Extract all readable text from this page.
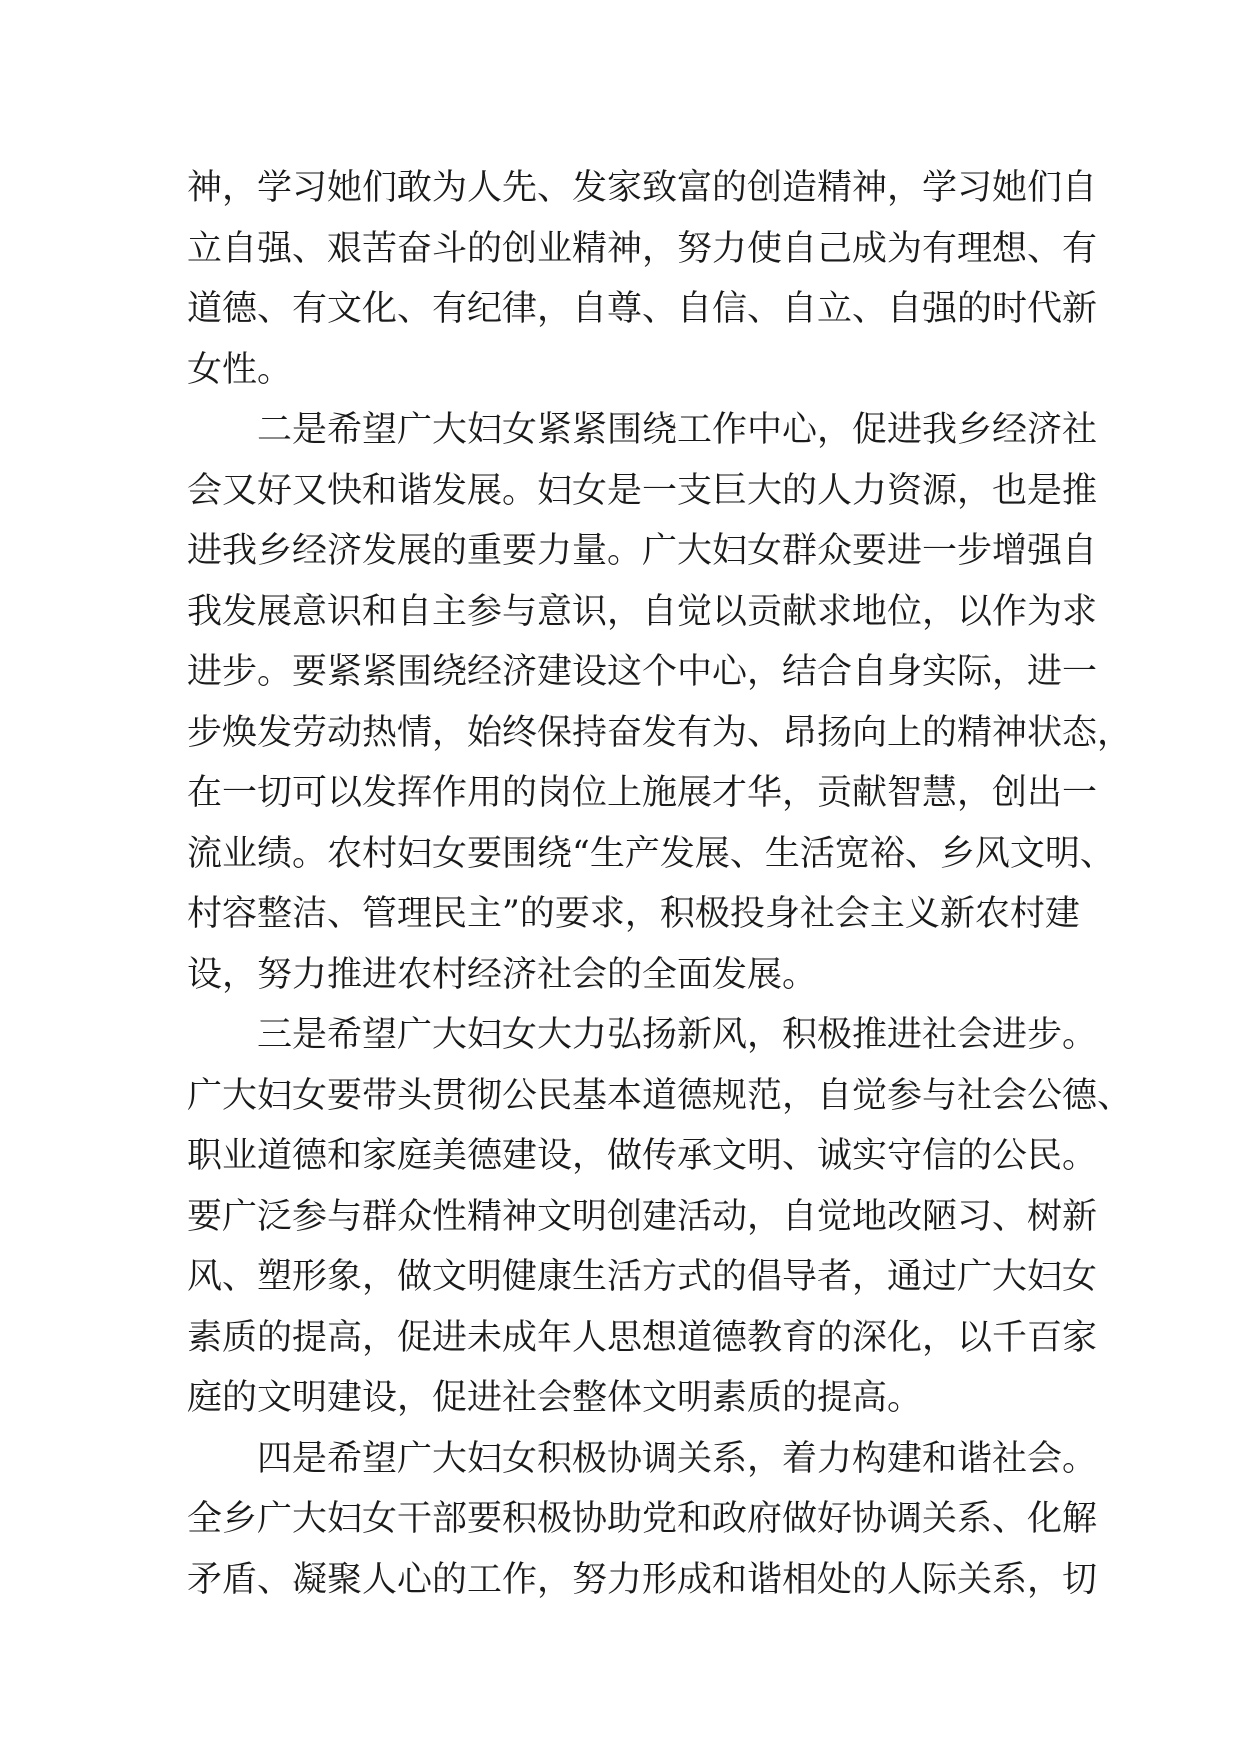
神，学习她们敢为人先、发家致富的创造精神，学习她们自
立自强、艰苦奋斗的创业精神，努力使自己成为有理想、有
道德、有文化、有纪律，自尊、自信、自立、自强的时代新
女性。
二是希望广大妇女紧紧围绕工作中心，促进我乡经济社
会又好又快和谐发展。妇女是一支巨大的人力资源，也是推
进我乡经济发展的重要力量。广大妇女群众要进一步增强自
我发展意识和自主参与意识，自觉以贡献求地位，以作为求
进步。要紧紧围绕经济建设这个中心，结合自身实际，进一
步焕发劳动热情，始终保持奋发有为、昂扬向上的精神状态，
在一切可以发挥作用的岗位上施展才华，贡献智慧，创出一
流业绩。农村妇女要围绕“生产发展、生活宽裕、乡风文明、
村容整洁、管理民主”的要求，积极投身社会主义新农村建
设，努力推进农村经济社会的全面发展。
三是希望广大妇女大力弘扬新风，积极推进社会进步。
广大妇女要带头贯彻公民基本道德规范，自觉参与社会公德、
职业道德和家庭美德建设，做传承文明、诚实守信的公民。
要广泛参与群众性精神文明创建活动，自觉地改陋习、树新
风、塑形象，做文明健康生活方式的倡导者，通过广大妇女
素质的提高，促进未成年人思想道德教育的深化，以千百家
庭的文明建设，促进社会整体文明素质的提高。
四是希望广大妇女积极协调关系，着力构建和谐社会。
全乡广大妇女干部要积极协助党和政府做好协调关系、化解
矛盾、凝聚人心的工作，努力形成和谐相处的人际关系，切
